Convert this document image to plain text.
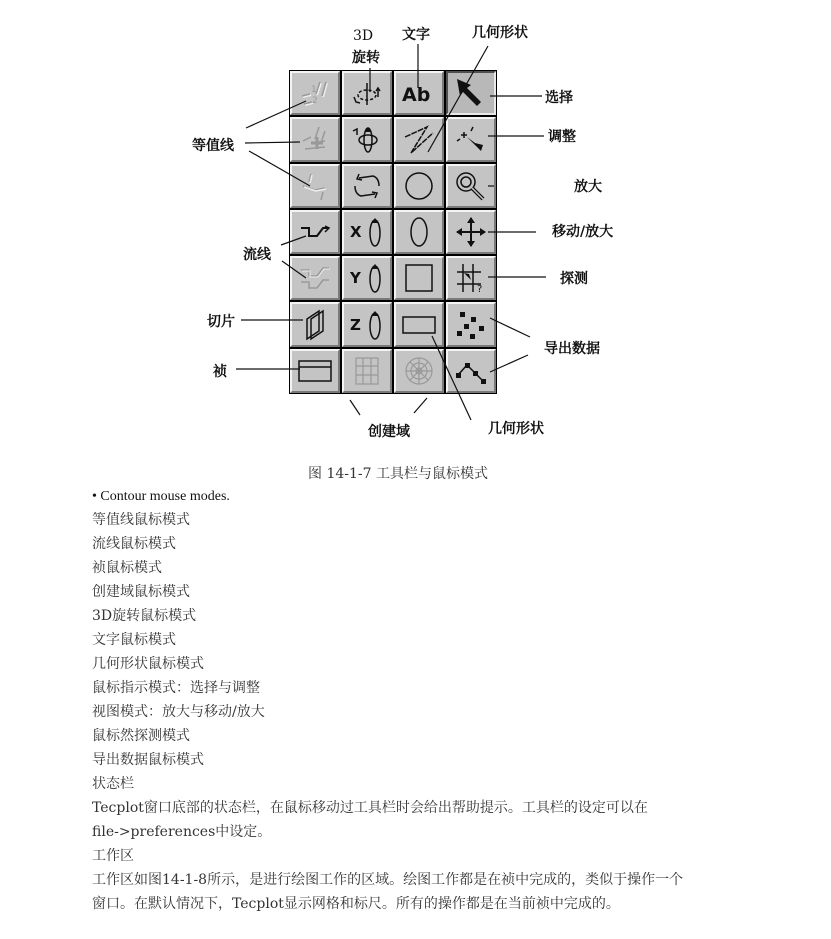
1
2	Ab
X
Y
?
Z
3D
旋转
文字	几何形状
选择
调整
放大
移动/放大
探测
导出数据
几何形状
创建域
等值线
流线
切片
祯
图 14-1-7 工具栏与鼠标模式
• Contour mouse modes.
等值线鼠标模式
流线鼠标模式
祯鼠标模式
创建域鼠标模式
3D旋转鼠标模式
文字鼠标模式
几何形状鼠标模式
鼠标指示模式：选择与调整
视图模式：放大与移动/放大
鼠标然探测模式
导出数据鼠标模式
状态栏
Tecplot窗口底部的状态栏，在鼠标移动过工具栏时会给出帮助提示。工具栏的设定可以在
file->preferences中设定。
工作区
工作区如图14-1-8所示，是进行绘图工作的区域。绘图工作都是在祯中完成的，类似于操作一个
窗口。在默认情况下，Tecplot显示网格和标尺。所有的操作都是在当前祯中完成的。
